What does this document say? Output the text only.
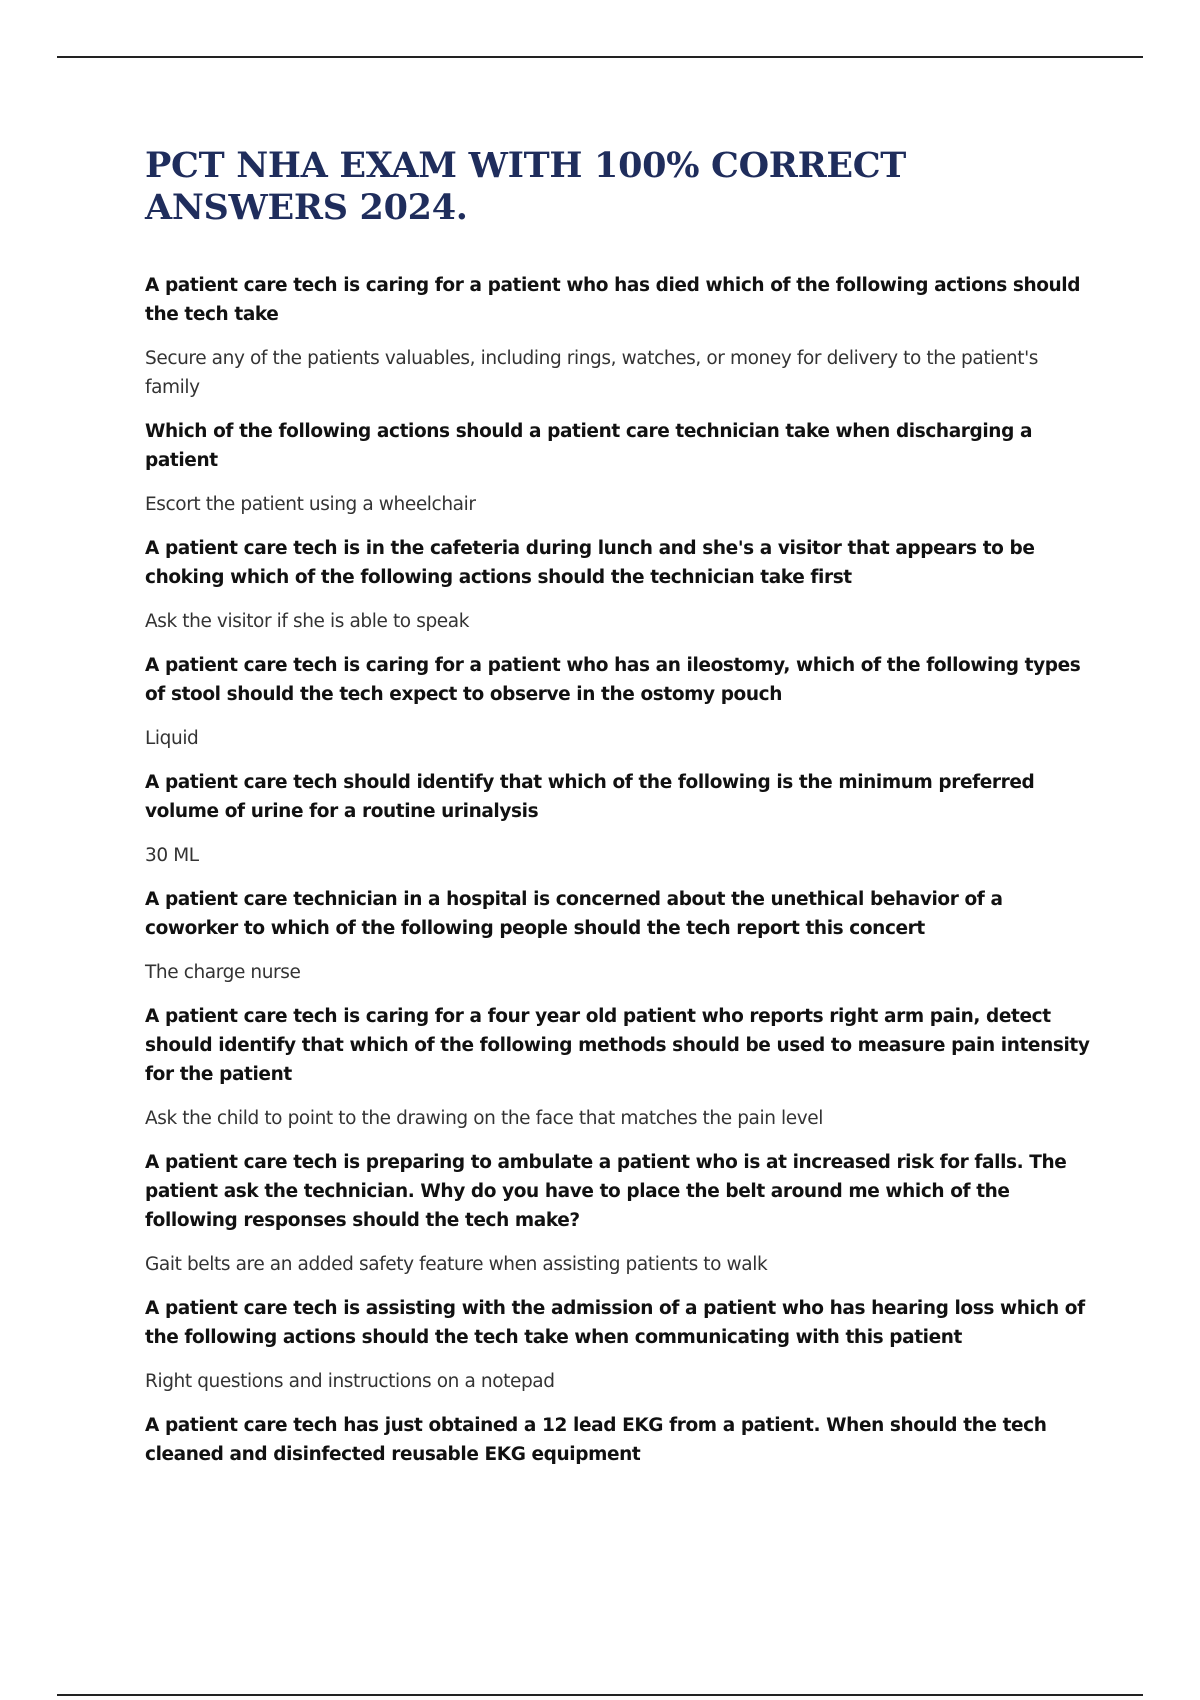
PCT NHA EXAM WITH 100% CORRECT ANSWERS 2024.

A patient care tech is caring for a patient who has died which of the following actions should the tech take

Secure any of the patients valuables, including rings, watches, or money for delivery to the patient's family

Which of the following actions should a patient care technician take when discharging a patient

Escort the patient using a wheelchair

A patient care tech is in the cafeteria during lunch and she's a visitor that appears to be choking which of the following actions should the technician take first

Ask the visitor if she is able to speak

A patient care tech is caring for a patient who has an ileostomy, which of the following types of stool should the tech expect to observe in the ostomy pouch

Liquid

A patient care tech should identify that which of the following is the minimum preferred volume of urine for a routine urinalysis

30 ML

A patient care technician in a hospital is concerned about the unethical behavior of a coworker to which of the following people should the tech report this concert

The charge nurse

A patient care tech is caring for a four year old patient who reports right arm pain, detect should identify that which of the following methods should be used to measure pain intensity for the patient

Ask the child to point to the drawing on the face that matches the pain level

A patient care tech is preparing to ambulate a patient who is at increased risk for falls. The patient ask the technician. Why do you have to place the belt around me which of the following responses should the tech make?

Gait belts are an added safety feature when assisting patients to walk

A patient care tech is assisting with the admission of a patient who has hearing loss which of the following actions should the tech take when communicating with this patient

Right questions and instructions on a notepad

A patient care tech has just obtained a 12 lead EKG from a patient. When should the tech cleaned and disinfected reusable EKG equipment
